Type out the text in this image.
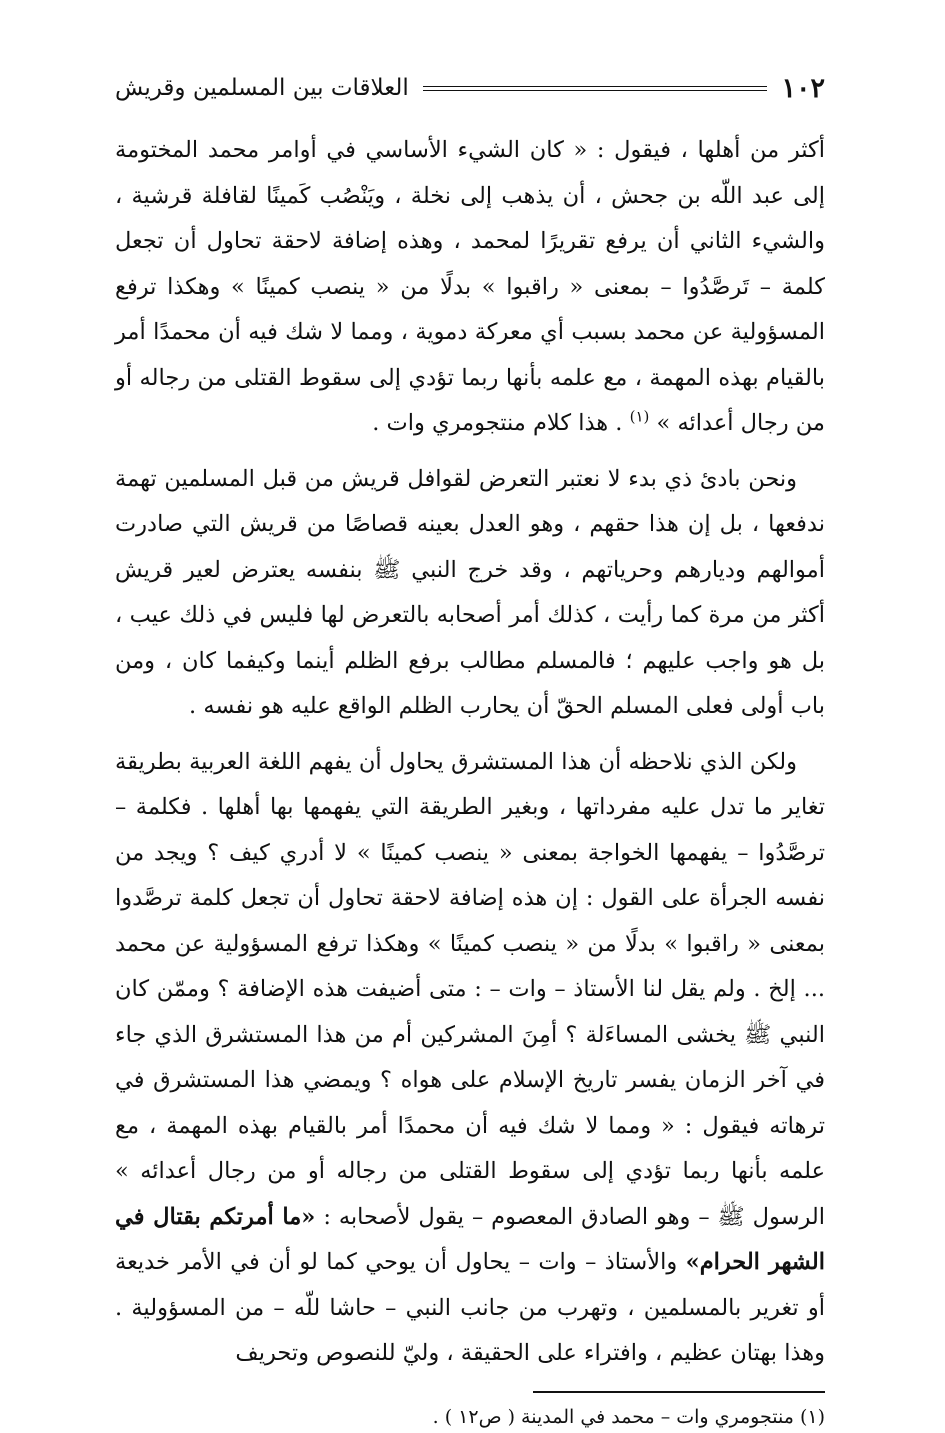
١٠٢
العلاقات بين المسلمين وقريش

أكثر من أهلها ، فيقول : « كان الشيء الأساسي في أوامر محمد المختومة إلى عبد اللّه بن جحش ، أن يذهب إلى نخلة ، ويَنْصُب كَمينًا لقافلة قرشية ، والشيء الثاني أن يرفع تقريرًا لمحمد ، وهذه إضافة لاحقة تحاول أن تجعل كلمة – تَرصَّدُوا – بمعنى « راقبوا » بدلًا من « ينصب كمينًا » وهكذا ترفع المسؤولية عن محمد بسبب أي معركة دموية ، ومما لا شك فيه أن محمدًا أمر بالقيام بهذه المهمة ، مع علمه بأنها ربما تؤدي إلى سقوط القتلى من رجاله أو من رجال أعدائه » $^{(١)}$ . هذا كلام منتجومري وات .

ونحن بادئ ذي بدء لا نعتبر التعرض لقوافل قريش من قبل المسلمين تهمة ندفعها ، بل إن هذا حقهم ، وهو العدل بعينه قصاصًا من قريش التي صادرت أموالهم وديارهم وحرياتهم ، وقد خرج النبي ﷺ بنفسه يعترض لعير قريش أكثر من مرة كما رأيت ، كذلك أمر أصحابه بالتعرض لها فليس في ذلك عيب ، بل هو واجب عليهم ؛ فالمسلم مطالب برفع الظلم أينما وكيفما كان ، ومن باب أولى فعلى المسلم الحقّ أن يحارب الظلم الواقع عليه هو نفسه .

ولكن الذي نلاحظه أن هذا المستشرق يحاول أن يفهم اللغة العربية بطريقة تغاير ما تدل عليه مفرداتها ، وبغير الطريقة التي يفهمها بها أهلها . فكلمة – ترصَّدُوا – يفهمها الخواجة بمعنى « ينصب كمينًا » لا أدري كيف ؟ ويجد من نفسه الجرأة على القول : إن هذه إضافة لاحقة تحاول أن تجعل كلمة ترصَّدوا بمعنى « راقبوا » بدلًا من « ينصب كمينًا » وهكذا ترفع المسؤولية عن محمد ... إلخ . ولم يقل لنا الأستاذ – وات – : متى أضيفت هذه الإضافة ؟ وممّن كان النبي ﷺ يخشى المساءَلة ؟ أمِنَ المشركين أم من هذا المستشرق الذي جاء في آخر الزمان يفسر تاريخ الإسلام على هواه ؟ ويمضي هذا المستشرق في ترهاته فيقول : « ومما لا شك فيه أن محمدًا أمر بالقيام بهذه المهمة ، مع علمه بأنها ربما تؤدي إلى سقوط القتلى من رجاله أو من رجال أعدائه » الرسول ﷺ – وهو الصادق المعصوم – يقول لأصحابه : «ما أمرتكم بقتال في الشهر الحرام» والأستاذ – وات – يحاول أن يوحي كما لو أن في الأمر خديعة أو تغرير بالمسلمين ، وتهرب من جانب النبي – حاشا للّه – من المسؤولية . وهذا بهتان عظيم ، وافتراء على الحقيقة ، وليّ للنصوص وتحريف

(١) منتجومري وات – محمد في المدينة ( ص١٢ ) .
